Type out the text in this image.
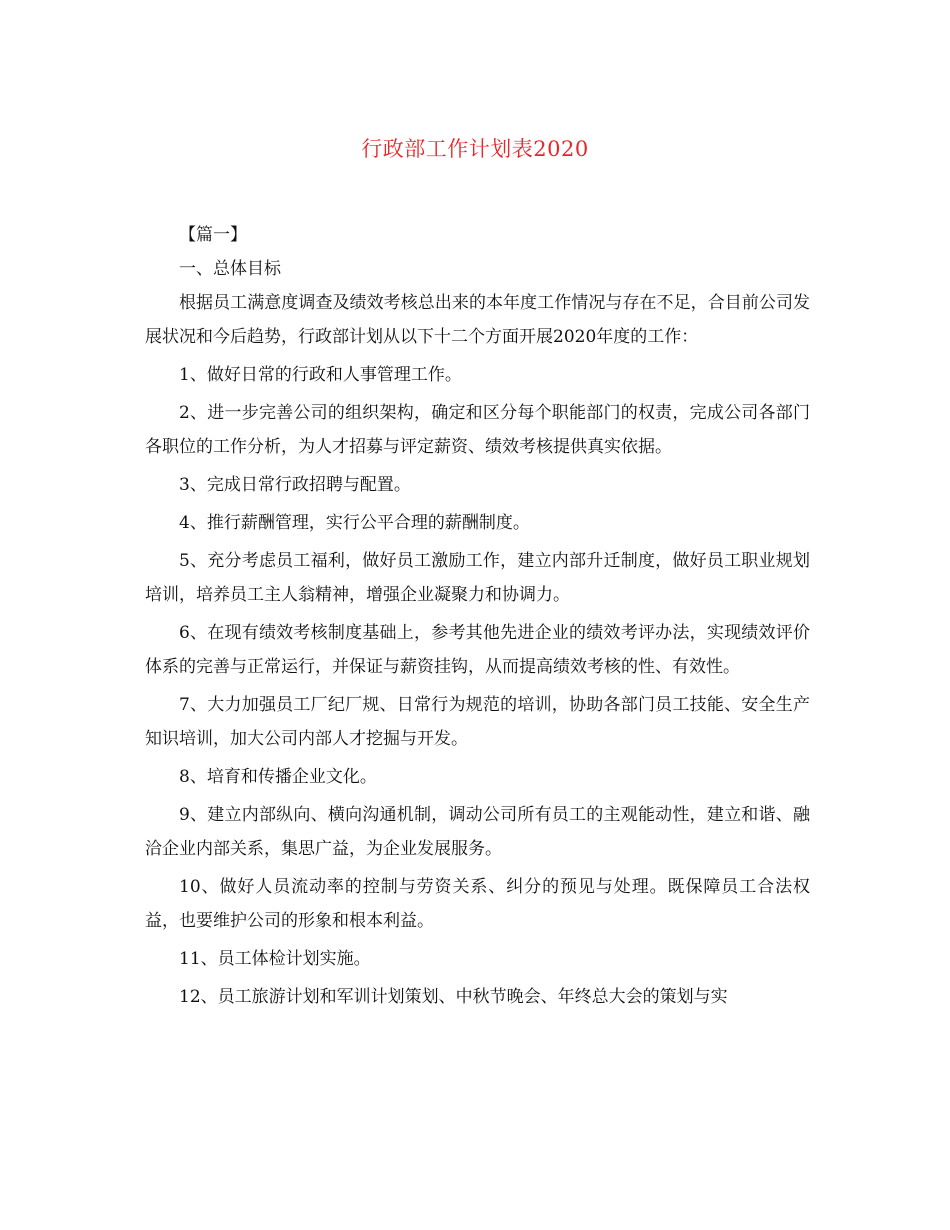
行政部工作计划表2020

【篇一】

一、总体目标

根据员工满意度调查及绩效考核总出来的本年度工作情况与存在不足，合目前公司发展状况和今后趋势，行政部计划从以下十二个方面开展2020年度的工作：

1、做好日常的行政和人事管理工作。

2、进一步完善公司的组织架构，确定和区分每个职能部门的权责，完成公司各部门各职位的工作分析，为人才招募与评定薪资、绩效考核提供真实依据。

3、完成日常行政招聘与配置。

4、推行薪酬管理，实行公平合理的薪酬制度。

5、充分考虑员工福利，做好员工激励工作，建立内部升迁制度，做好员工职业规划培训，培养员工主人翁精神，增强企业凝聚力和协调力。

6、在现有绩效考核制度基础上，参考其他先进企业的绩效考评办法，实现绩效评价体系的完善与正常运行，并保证与薪资挂钩，从而提高绩效考核的性、有效性。

7、大力加强员工厂纪厂规、日常行为规范的培训，协助各部门员工技能、安全生产知识培训，加大公司内部人才挖掘与开发。

8、培育和传播企业文化。

9、建立内部纵向、横向沟通机制，调动公司所有员工的主观能动性，建立和谐、融洽企业内部关系，集思广益，为企业发展服务。

10、做好人员流动率的控制与劳资关系、纠分的预见与处理。既保障员工合法权益，也要维护公司的形象和根本利益。

11、员工体检计划实施。

12、员工旅游计划和军训计划策划、中秋节晚会、年终总大会的策划与实
